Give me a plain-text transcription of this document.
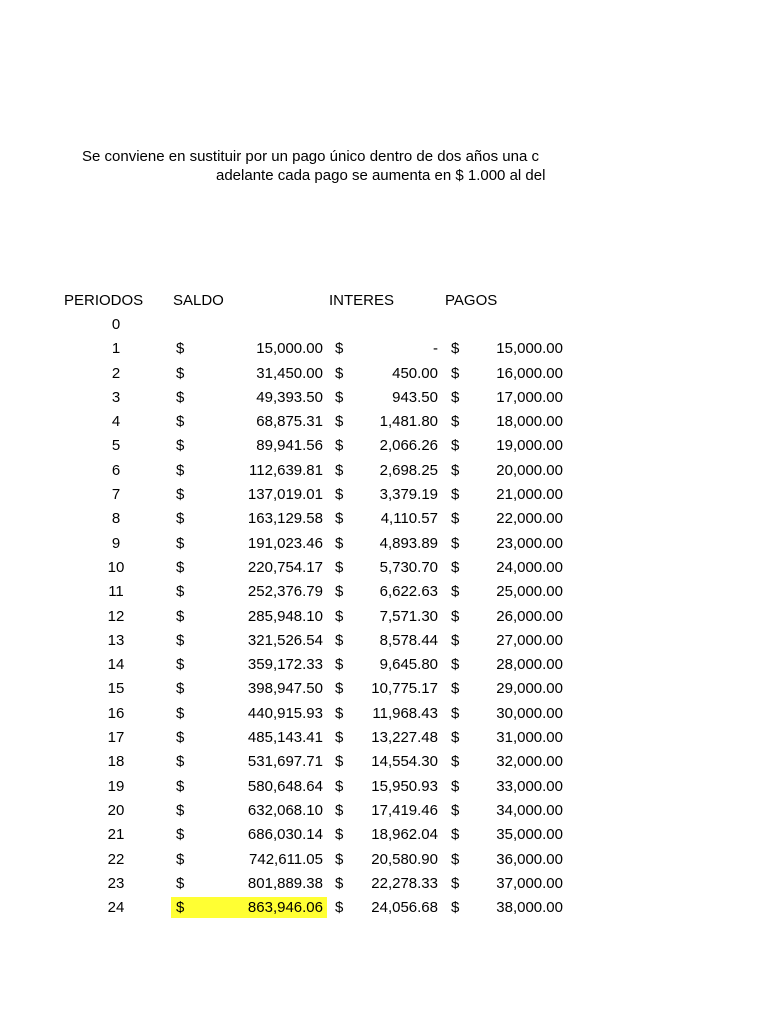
Se conviene en sustituir por un pago único dentro de dos años una c
adelante cada pago se aumenta en $ 1.000 al del
PERIODOS SALDO	INTERES	PAGOS
0
1	$	15,000.00 $	- $	15,000.00
2	$	31,450.00 $	450.00 $	16,000.00
3	$	49,393.50 $	943.50 $	17,000.00
4	$	68,875.31 $	1,481.80 $	18,000.00
5	$	89,941.56 $	2,066.26 $	19,000.00
6	$	112,639.81 $	2,698.25 $	20,000.00
7	$	137,019.01 $	3,379.19 $	21,000.00
8	$	163,129.58 $	4,110.57 $	22,000.00
9	$	191,023.46 $	4,893.89 $	23,000.00
10	$	220,754.17 $	5,730.70 $	24,000.00
11	$	252,376.79 $	6,622.63 $	25,000.00
12	$	285,948.10 $	7,571.30 $	26,000.00
13	$	321,526.54 $	8,578.44 $	27,000.00
14	$	359,172.33 $	9,645.80 $	28,000.00
15	$	398,947.50 $	10,775.17 $	29,000.00
16	$	440,915.93 $	11,968.43 $	30,000.00
17	$	485,143.41 $	13,227.48 $	31,000.00
18	$	531,697.71 $	14,554.30 $	32,000.00
19	$	580,648.64 $	15,950.93 $	33,000.00
20	$	632,068.10 $	17,419.46 $	34,000.00
21	$	686,030.14 $	18,962.04 $	35,000.00
22	$	742,611.05 $	20,580.90 $	36,000.00
23	$	801,889.38 $	22,278.33 $	37,000.00
24	$	863,946.06 $	24,056.68 $	38,000.00
